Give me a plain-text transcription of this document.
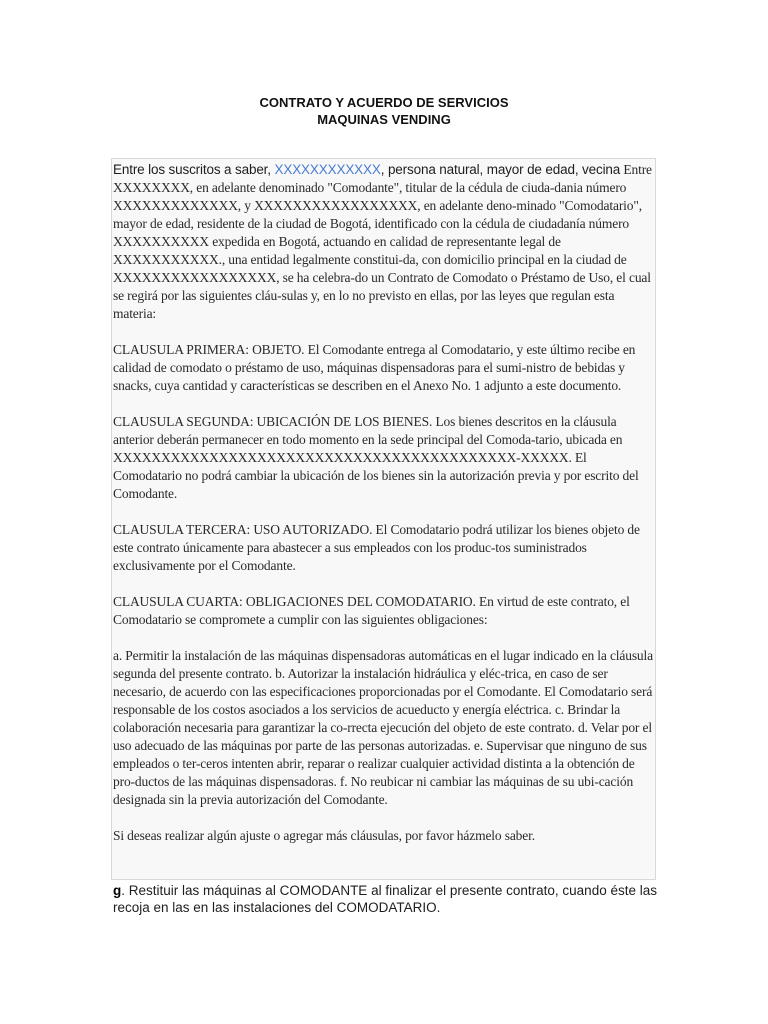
CONTRATO Y ACUERDO DE SERVICIOS
MAQUINAS VENDING

Entre los suscritos a saber, XXXXXXXXXXXX, persona natural, mayor de edad, vecina Entre XXXXXXXX, en adelante denominado "Comodante", titular de la cédula de ciuda-dania número XXXXXXXXXXXXX, y XXXXXXXXXXXXXXXXX, en adelante deno-minado "Comodatario", mayor de edad, residente de la ciudad de Bogotá, identificado con la cédula de ciudadanía número XXXXXXXXXX expedida en Bogotá, actuando en calidad de representante legal de XXXXXXXXXXX., una entidad legalmente constitui-da, con domicilio principal en la ciudad de XXXXXXXXXXXXXXXXX, se ha celebra-do un Contrato de Comodato o Préstamo de Uso, el cual se regirá por las siguientes cláu-sulas y, en lo no previsto en ellas, por las leyes que regulan esta materia:

CLAUSULA PRIMERA: OBJETO. El Comodante entrega al Comodatario, y este último recibe en calidad de comodato o préstamo de uso, máquinas dispensadoras para el sumi-nistro de bebidas y snacks, cuya cantidad y características se describen en el Anexo No. 1 adjunto a este documento.

CLAUSULA SEGUNDA: UBICACIÓN DE LOS BIENES. Los bienes descritos en la cláusula anterior deberán permanecer en todo momento en la sede principal del Comoda-tario, ubicada en XXXXXXXXXXXXXXXXXXXXXXXXXXXXXXXXXXXXXXXXXX-XXXXX. El Comodatario no podrá cambiar la ubicación de los bienes sin la autorización previa y por escrito del Comodante.

CLAUSULA TERCERA: USO AUTORIZADO. El Comodatario podrá utilizar los bienes objeto de este contrato únicamente para abastecer a sus empleados con los produc-tos suministrados exclusivamente por el Comodante.

CLAUSULA CUARTA: OBLIGACIONES DEL COMODATARIO. En virtud de este contrato, el Comodatario se compromete a cumplir con las siguientes obligaciones:

a. Permitir la instalación de las máquinas dispensadoras automáticas en el lugar indicado en la cláusula segunda del presente contrato. b. Autorizar la instalación hidráulica y eléc-trica, en caso de ser necesario, de acuerdo con las especificaciones proporcionadas por el Comodante. El Comodatario será responsable de los costos asociados a los servicios de acueducto y energía eléctrica. c. Brindar la colaboración necesaria para garantizar la co-rrecta ejecución del objeto de este contrato. d. Velar por el uso adecuado de las máquinas por parte de las personas autorizadas. e. Supervisar que ninguno de sus empleados o ter-ceros intenten abrir, reparar o realizar cualquier actividad distinta a la obtención de pro-ductos de las máquinas dispensadoras. f. No reubicar ni cambiar las máquinas de su ubi-cación designada sin la previa autorización del Comodante.

Si deseas realizar algún ajuste o agregar más cláusulas, por favor házmelo saber.

g. Restituir las máquinas al COMODANTE al finalizar el presente contrato, cuando éste las recoja en las en las instalaciones del COMODATARIO.
